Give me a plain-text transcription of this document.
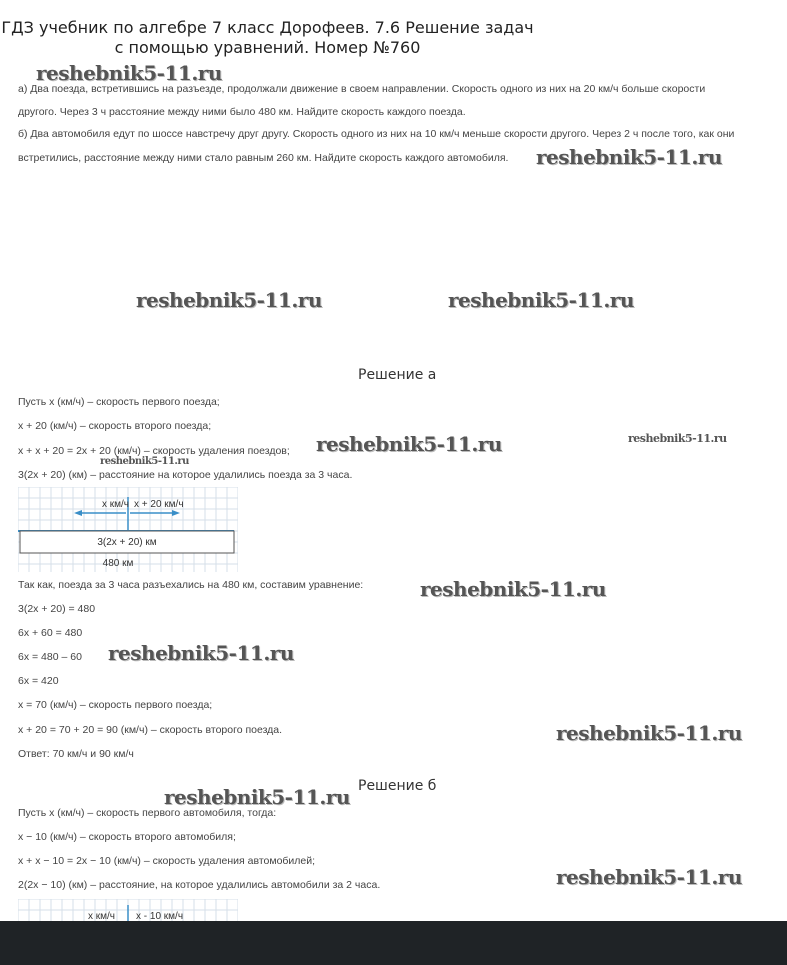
ГДЗ учебник по алгебре 7 класс Дорофеев. 7.6 Решение задач с помощью уравнений. Номер №760
а) Два поезда, встретившись на разъезде, продолжали движение в своем направлении. Скорость одного из них на 20 км/ч больше скорости
другого. Через 3 ч расстояние между ними было 480 км. Найдите скорость каждого поезда.
б) Два автомобиля едут по шоссе навстречу друг другу. Скорость одного из них на 10 км/ч меньше скорости другого. Через 2 ч после того, как они
встретились, расстояние между ними стало равным 260 км. Найдите скорость каждого автомобиля.
Решение а
Пусть x (км/ч) – скорость первого поезда;
x + 20 (км/ч) – скорость второго поезда;
x + x + 20 = 2x + 20 (км/ч) – скорость удаления поездов;
3(2x + 20) (км) – расстояние на которое удалились поезда за 3 часа.
x км/ч x + 20 км/ч
3(2x + 20) км
480 км
Так как, поезда за 3 часа разъехались на 480 км, составим уравнение:
3(2x + 20) = 480
6x + 60 = 480
6x = 480 – 60
6x = 420
x = 70 (км/ч) – скорость первого поезда;
x + 20 = 70 + 20 = 90 (км/ч) – скорость второго поезда.
Ответ: 70 км/ч и 90 км/ч
Решение б
Пусть x (км/ч) – скорость первого автомобиля, тогда:
x − 10 (км/ч) – скорость второго автомобиля;
x + x − 10 = 2x − 10 (км/ч) – скорость удаления автомобилей;
2(2x − 10) (км) – расстояние, на которое удалились автомобили за 2 часа.
x км/ч x - 10 км/ч
reshebnik5-11.ru
reshebnik5-11.ru
reshebnik5-11.ru	reshebnik5-11.ru
reshebnik5-11.ru	reshebnik5-11.ru
reshebnik5-11.ru
reshebnik5-11.ru
reshebnik5-11.ru
reshebnik5-11.ru
reshebnik5-11.ru
reshebnik5-11.ru
